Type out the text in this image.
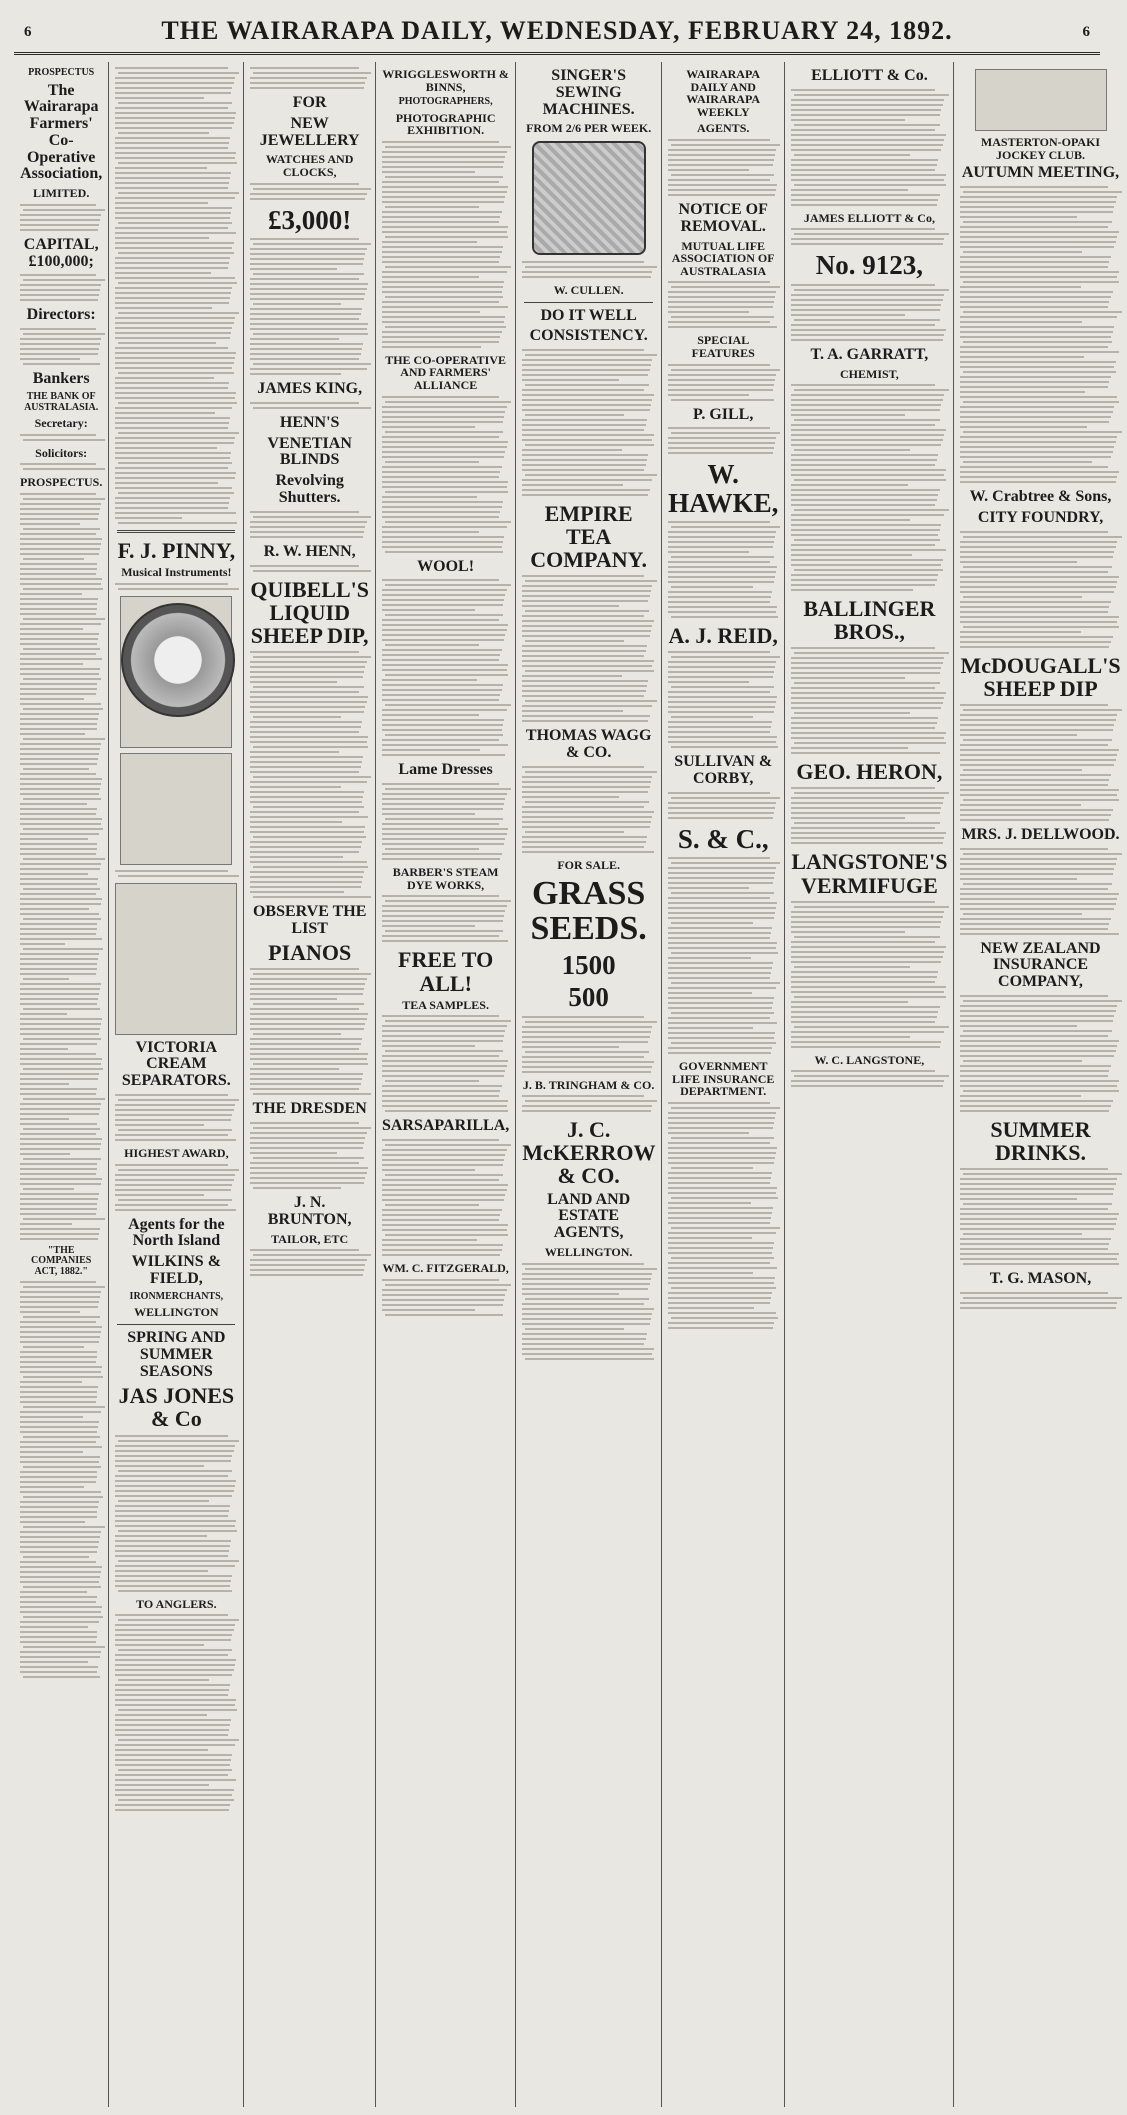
6	THE WAIRARAPA DAILY, WEDNESDAY, FEBRUARY 24, 1892.	6
PROSPECTUS
The Wairarapa Farmers' Co-Operative Association,
LIMITED.
CAPITAL, £100,000;
Directors:
Bankers
THE BANK OF AUSTRALASIA.
Secretary:
Solicitors:
PROSPECTUS.
"THE COMPANIES ACT, 1882."
F. J. PINNY,
Musical Instruments!
VICTORIA CREAM SEPARATORS.
HIGHEST AWARD,
Agents for the North Island
WILKINS & FIELD,
IRONMERCHANTS,
WELLINGTON
SPRING AND SUMMER SEASONS
JAS JONES & Co
TO ANGLERS.
FOR
NEW JEWELLERY
WATCHES AND CLOCKS,
£3,000!
JAMES KING,
HENN'S
VENETIAN BLINDS
Revolving Shutters.
R. W. HENN,
QUIBELL'S LIQUID SHEEP DIP,
OBSERVE THE LIST
PIANOS
THE DRESDEN
J. N. BRUNTON,
TAILOR, ETC
WRIGGLESWORTH & BINNS,
PHOTOGRAPHERS,
PHOTOGRAPHIC EXHIBITION.
THE CO-OPERATIVE AND FARMERS' ALLIANCE
WOOL!
Lame Dresses
BARBER'S STEAM DYE WORKS,
FREE TO ALL!
TEA SAMPLES.
SARSAPARILLA,
WM. C. FITZGERALD,
SINGER'S SEWING MACHINES.
FROM 2/6 PER WEEK.
W. CULLEN.
DO IT WELL
CONSISTENCY.
EMPIRE TEA COMPANY.
THOMAS WAGG & CO.
FOR SALE.
GRASS SEEDS.
1500
500
J. B. TRINGHAM & CO.
J. C. McKERROW & CO.
LAND AND ESTATE AGENTS,
WELLINGTON.
WAIRARAPA DAILY AND WAIRARAPA WEEKLY
AGENTS.
NOTICE OF REMOVAL.
MUTUAL LIFE ASSOCIATION OF AUSTRALASIA
SPECIAL FEATURES
P. GILL,
W. HAWKE,
A. J. REID,
SULLIVAN & CORBY,
S. & C.,
GOVERNMENT LIFE INSURANCE DEPARTMENT.
ELLIOTT & Co.
JAMES ELLIOTT & Co,
No. 9123,
T. A. GARRATT,
CHEMIST,
BALLINGER BROS.,
GEO. HERON,
LANGSTONE'S VERMIFUGE
W. C. LANGSTONE,
MASTERTON-OPAKI JOCKEY CLUB.
AUTUMN MEETING,
W. Crabtree & Sons,
CITY FOUNDRY,
McDOUGALL'S SHEEP DIP
MRS. J. DELLWOOD.
NEW ZEALAND INSURANCE COMPANY,
SUMMER DRINKS.
T. G. MASON,
